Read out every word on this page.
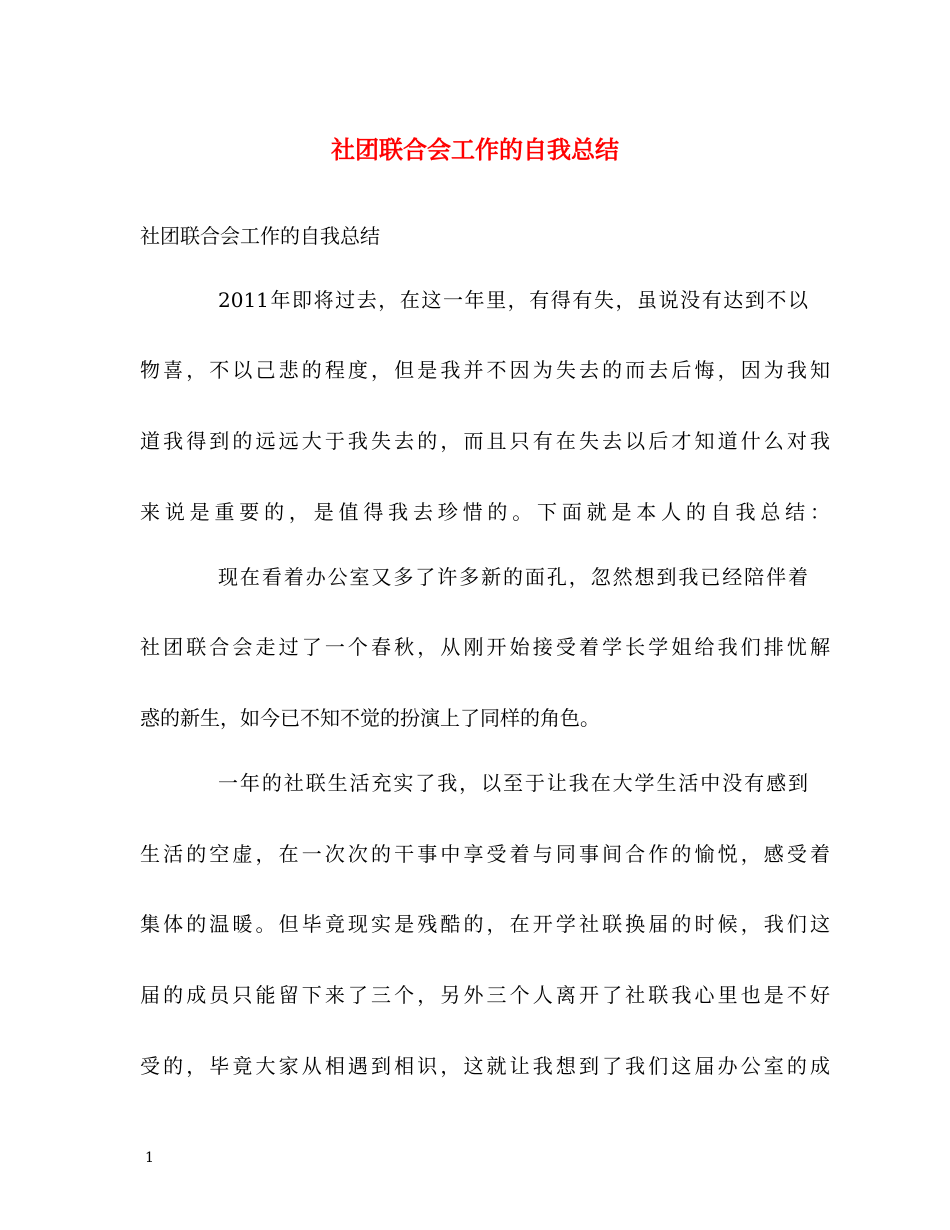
社团联合会工作的自我总结

社团联合会工作的自我总结

2011年即将过去，在这一年里，有得有失，虽说没有达到不以

物喜，不以己悲的程度，但是我并不因为失去的而去后悔，因为我知

道我得到的远远大于我失去的，而且只有在失去以后才知道什么对我

来说是重要的，是值得我去珍惜的。下面就是本人的自我总结：

现在看着办公室又多了许多新的面孔，忽然想到我已经陪伴着

社团联合会走过了一个春秋，从刚开始接受着学长学姐给我们排忧解

惑的新生，如今已不知不觉的扮演上了同样的角色。

一年的社联生活充实了我，以至于让我在大学生活中没有感到

生活的空虚，在一次次的干事中享受着与同事间合作的愉悦，感受着

集体的温暖。但毕竟现实是残酷的，在开学社联换届的时候，我们这

届的成员只能留下来了三个，另外三个人离开了社联我心里也是不好

受的，毕竟大家从相遇到相识，这就让我想到了我们这届办公室的成

1
